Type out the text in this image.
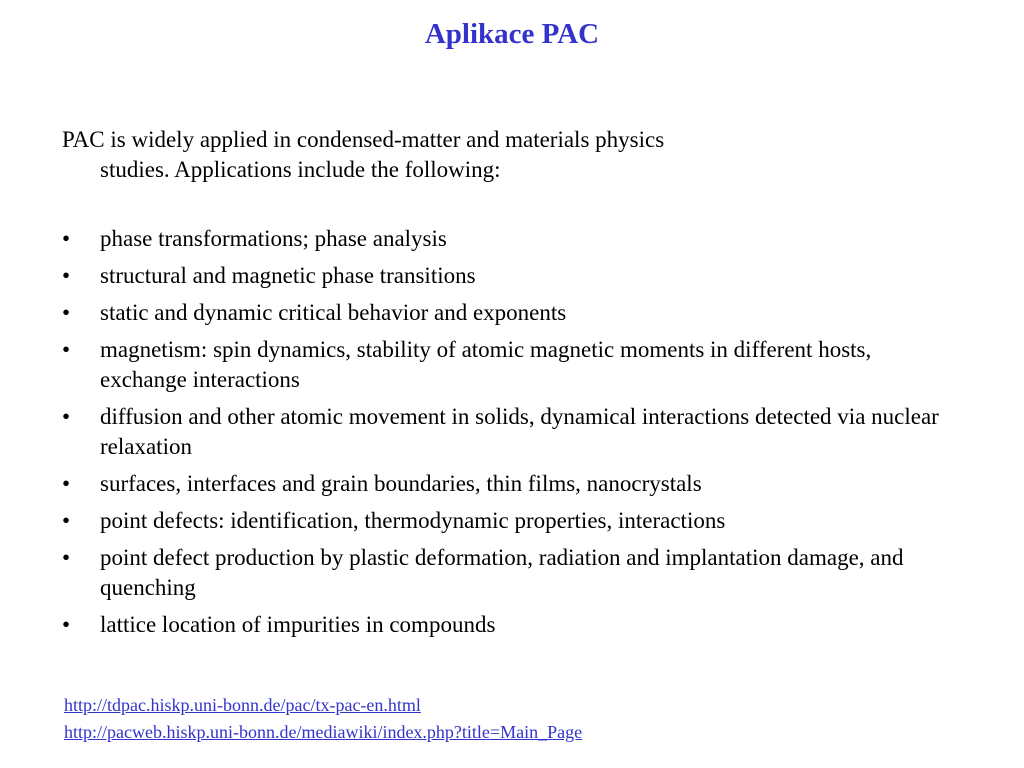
Aplikace PAC
PAC is widely applied in condensed-matter and materials physics
studies. Applications include the following:
• phase transformations; phase analysis
• structural and magnetic phase transitions
• static and dynamic critical behavior and exponents
• magnetism: spin dynamics, stability of atomic magnetic moments in different hosts, exchange interactions
• diffusion and other atomic movement in solids, dynamical interactions detected via nuclear relaxation
• surfaces, interfaces and grain boundaries, thin films, nanocrystals
• point defects: identification, thermodynamic properties, interactions
• point defect production by plastic deformation, radiation and implantation damage, and quenching
• lattice location of impurities in compounds
http://tdpac.hiskp.uni-bonn.de/pac/tx-pac-en.html
http://pacweb.hiskp.uni-bonn.de/mediawiki/index.php?title=Main_Page
